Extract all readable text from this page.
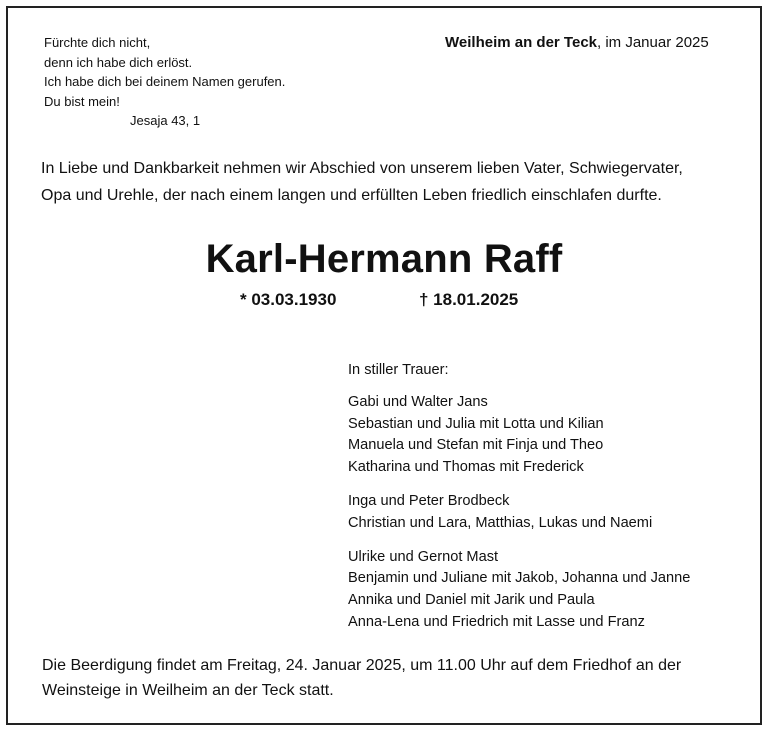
Fürchte dich nicht,
denn ich habe dich erlöst.
Ich habe dich bei deinem Namen gerufen.
Du bist mein!
Jesaja 43, 1
Weilheim an der Teck, im Januar 2025
In Liebe und Dankbarkeit nehmen wir Abschied von unserem lieben Vater, Schwiegervater,
Opa und Urehle, der nach einem langen und erfüllten Leben friedlich einschlafen durfte.
Karl-Hermann Raff
* 03.03.1930	† 18.01.2025
In stiller Trauer:
Gabi und Walter Jans
Sebastian und Julia mit Lotta und Kilian
Manuela und Stefan mit Finja und Theo
Katharina und Thomas mit Frederick
Inga und Peter Brodbeck
Christian und Lara, Matthias, Lukas und Naemi
Ulrike und Gernot Mast
Benjamin und Juliane mit Jakob, Johanna und Janne
Annika und Daniel mit Jarik und Paula
Anna-Lena und Friedrich mit Lasse und Franz
Die Beerdigung findet am Freitag, 24. Januar 2025, um 11.00 Uhr auf dem Friedhof an der
Weinsteige in Weilheim an der Teck statt.
